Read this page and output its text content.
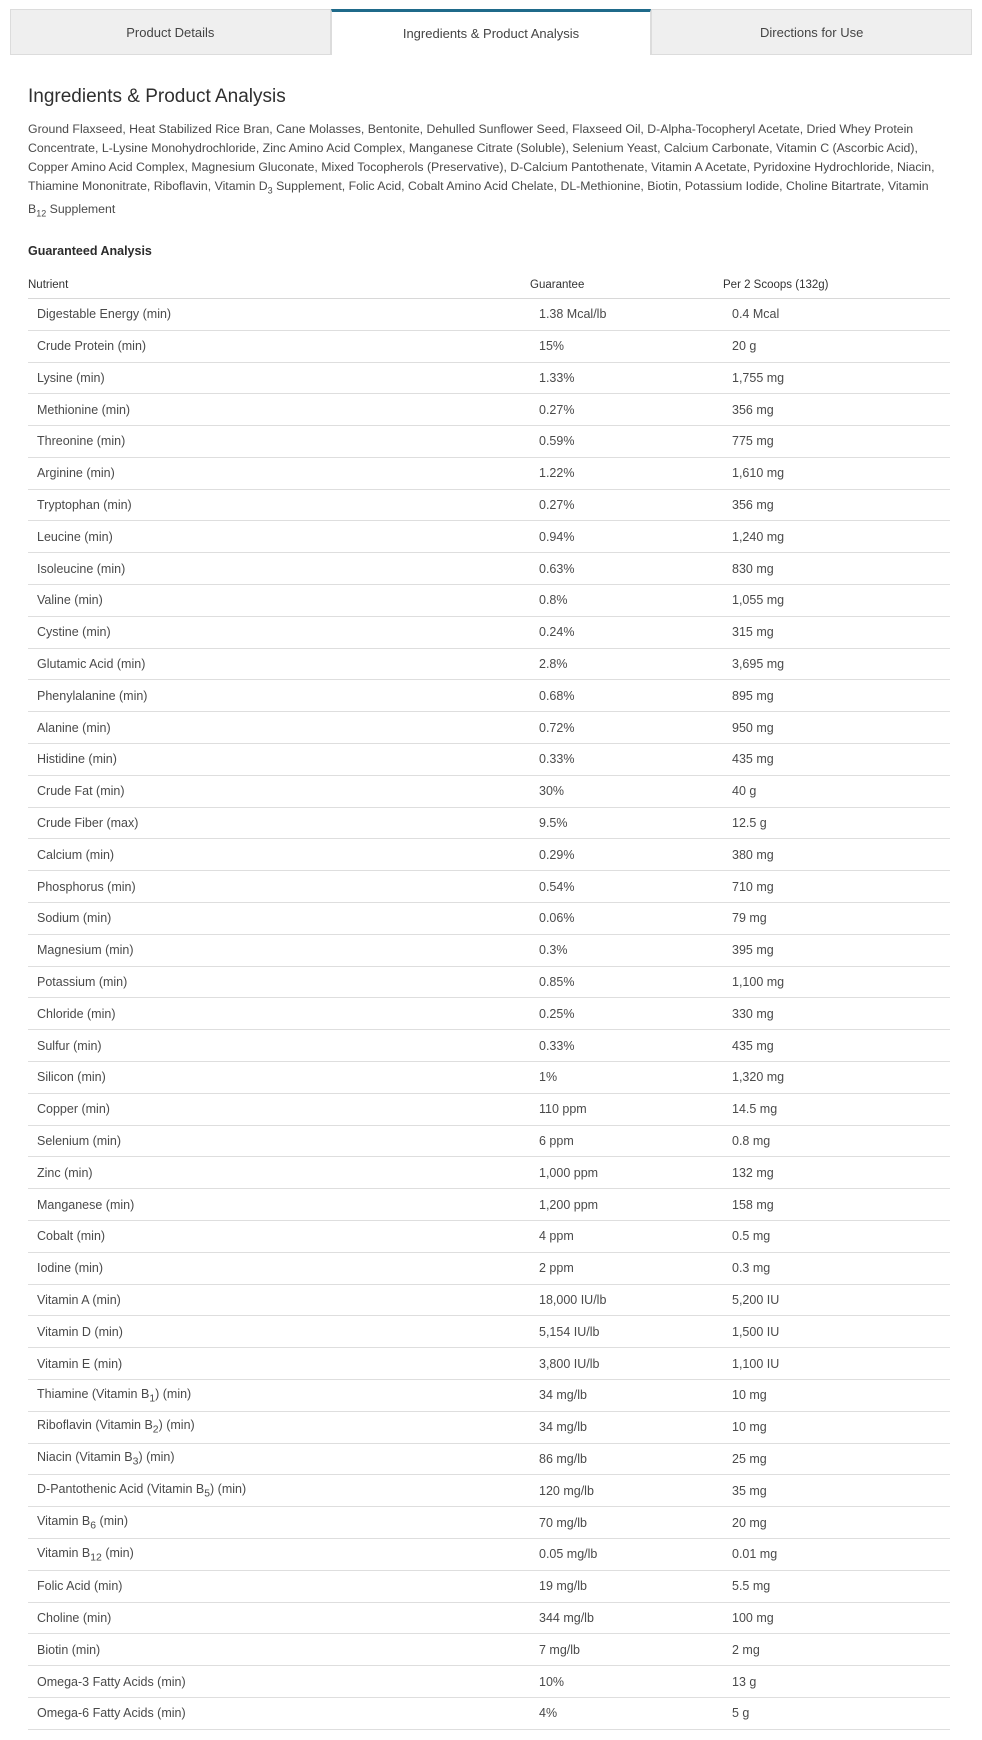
Product Details	Ingredients & Product Analysis	Directions for Use
Ingredients & Product Analysis
Ground Flaxseed, Heat Stabilized Rice Bran, Cane Molasses, Bentonite, Dehulled Sunflower Seed, Flaxseed Oil, D-Alpha-Tocopheryl Acetate, Dried Whey Protein Concentrate, L-Lysine Monohydrochloride, Zinc Amino Acid Complex, Manganese Citrate (Soluble), Selenium Yeast, Calcium Carbonate, Vitamin C (Ascorbic Acid), Copper Amino Acid Complex, Magnesium Gluconate, Mixed Tocopherols (Preservative), D-Calcium Pantothenate, Vitamin A Acetate, Pyridoxine Hydrochloride, Niacin, Thiamine Mononitrate, Riboflavin, Vitamin $D_3$ Supplement, Folic Acid, Cobalt Amino Acid Chelate, DL-Methionine, Biotin, Potassium Iodide, Choline Bitartrate, Vitamin $B_{12}$ Supplement
Guaranteed Analysis
Nutrient	Guarantee	Per 2 Scoops (132g)
Digestable Energy (min)	1.38 Mcal/lb	0.4 Mcal
Crude Protein (min)	15%	20 g
Lysine (min)	1.33%	1,755 mg
Methionine (min)	0.27%	356 mg
Threonine (min)	0.59%	775 mg
Arginine (min)	1.22%	1,610 mg
Tryptophan (min)	0.27%	356 mg
Leucine (min)	0.94%	1,240 mg
Isoleucine (min)	0.63%	830 mg
Valine (min)	0.8%	1,055 mg
Cystine (min)	0.24%	315 mg
Glutamic Acid (min)	2.8%	3,695 mg
Phenylalanine (min)	0.68%	895 mg
Alanine (min)	0.72%	950 mg
Histidine (min)	0.33%	435 mg
Crude Fat (min)	30%	40 g
Crude Fiber (max)	9.5%	12.5 g
Calcium (min)	0.29%	380 mg
Phosphorus (min)	0.54%	710 mg
Sodium (min)	0.06%	79 mg
Magnesium (min)	0.3%	395 mg
Potassium (min)	0.85%	1,100 mg
Chloride (min)	0.25%	330 mg
Sulfur (min)	0.33%	435 mg
Silicon (min)	1%	1,320 mg
Copper (min)	110 ppm	14.5 mg
Selenium (min)	6 ppm	0.8 mg
Zinc (min)	1,000 ppm	132 mg
Manganese (min)	1,200 ppm	158 mg
Cobalt (min)	4 ppm	0.5 mg
Iodine (min)	2 ppm	0.3 mg
Vitamin A (min)	18,000 IU/lb	5,200 IU
Vitamin D (min)	5,154 IU/lb	1,500 IU
Vitamin E (min)	3,800 IU/lb	1,100 IU
Thiamine (Vitamin $B_1$) (min)	34 mg/lb	10 mg
Riboflavin (Vitamin $B_2$) (min)	34 mg/lb	10 mg
Niacin (Vitamin $B_3$) (min)	86 mg/lb	25 mg
D-Pantothenic Acid (Vitamin $B_5$) (min)	120 mg/lb	35 mg
Vitamin $B_6$ (min)	70 mg/lb	20 mg
Vitamin $B_{12}$ (min)	0.05 mg/lb	0.01 mg
Folic Acid (min)	19 mg/lb	5.5 mg
Choline (min)	344 mg/lb	100 mg
Biotin (min)	7 mg/lb	2 mg
Omega-3 Fatty Acids (min)	10%	13 g
Omega-6 Fatty Acids (min)	4%	5 g
